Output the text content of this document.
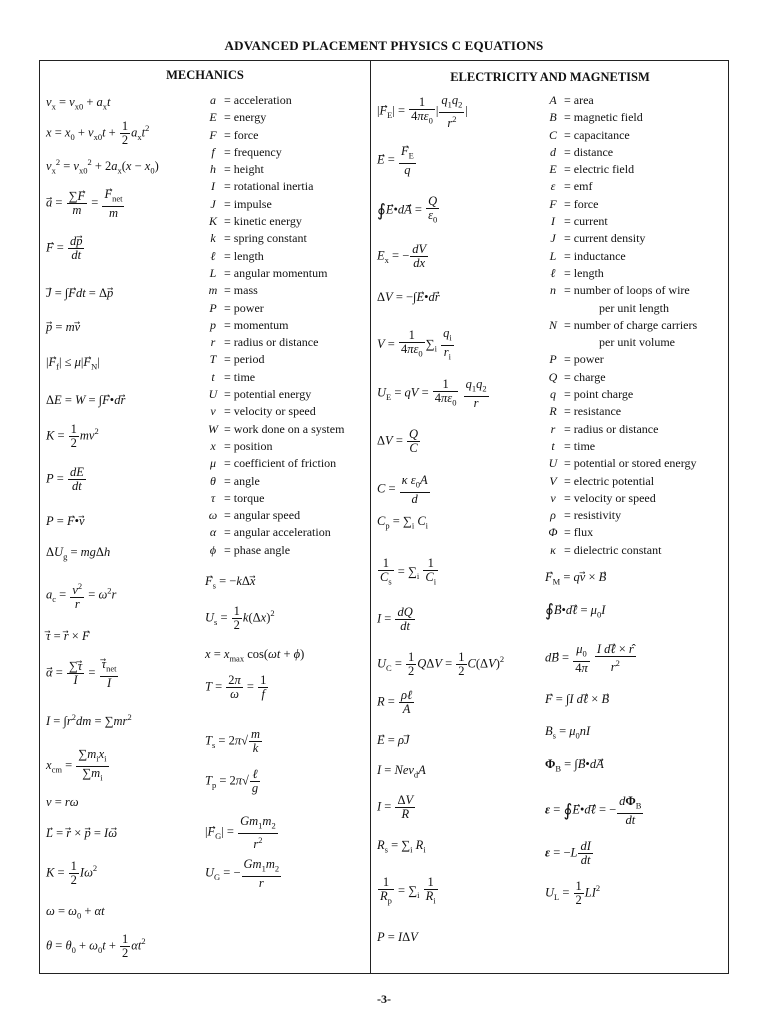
ADVANCED PLACEMENT PHYSICS C EQUATIONS
MECHANICS
$v_x = v_{x0} + a_xt$
$x = x_0 + v_{x0}t + \frac{1}{2} a_xt^2$
$v_x^2 = v_{x0}^2 + 2a_x(x - x_0)$
a⃗ = $\frac{\sum F}{m} = \frac{F_{net}}{m}$
F⃗ = $\frac{dp}{dt}$
J⃗ = ∫Fdt = Δp
p⃗ = mv
$|F_f| \le \mu|F_N|$
ΔE = W = ∫F⃗•dr
$K = \frac{1}{2} mv^2$
$P = \frac{dE}{dt}$
P = F⃗•v
$\Delta U_g = mg\Delta h$
$a_c = \frac{v^2}{r} = \omega^2r$
τ⃗ = r⃗ × F
α⃗ = $\frac{\sum\tau}{I} = \frac{\tau_{net}}{I}$
$I = \int r^2dm = \sum mr^2$
$x_{cm} = \frac{\sum m_ix_i}{\sum m_i}$
v = rω
L⃗ = r⃗ × p⃗ = Iω
$K = \frac{1}{2} I\omega^2$
$\omega = \omega_0 + \alpha t$
$\theta = \theta_0 + \omega_0t + \frac{1}{2} \alpha t^2$
$F_s = -k\Delta x$
$U_s = \frac{1}{2} k(\Delta x)^2$
$x = x_{max}$ cos(ωt + ϕ)
$T = \frac{2\pi}{\omega} = \frac{1}{f}$
$T_s = 2\pi√ \frac{m}{k}$
$T_p = 2\pi√ \frac{\text{ℓ}}{g}$
$|F_G| = \frac{Gm_1m_2}{r^2}$
$U_G$ = − $\frac{Gm_1m_2}{r}$
a = acceleration
E = energy
F = force
f = frequency
h = height
I = rotational inertia
J = impulse
K = kinetic energy
k = spring constant
ℓ = length
L = angular momentum
m = mass
P = power
p = momentum
r = radius or distance
T = period
t = time
U = potential energy
v = velocity or speed
W = work done on a system
x = position
μ = coefficient of friction
θ = angle
τ = torque
ω = angular speed
α = angular acceleration
ϕ = phase angle
ELECTRICITY AND MAGNETISM
$|F_E| = \frac{1}{4\pi\varepsilon_0}$ | $\frac{q_1q_2}{r^2}$ |
E⃗ = $\frac{F_E}{q}$
∮E⃗•dA⃗ = $\frac{Q}{\varepsilon_0}$
$E_x$ = − $\frac{dV}{dx}$
ΔV = −∫E⃗•dr
$V = \frac{1}{4\pi\varepsilon_0} \sum_i \frac{q_i}{r_i}$
$U_E$ = qV = $\frac{1}{4\pi\varepsilon_0}$
$\frac{q_1q_2}{r}$
$\Delta V = \frac{Q}{C}$
$C = \frac{\kappa \varepsilon_0A}{d}$
$C_p = \sum_i$ $C_i$
$\frac{1}{C_s} = \sum_i \frac{1}{C_i}$
$I = \frac{dQ}{dt}$
$U_C = \frac{1}{2}$ $Q\Delta V = \frac{1}{2} C(\Delta V)^2$
$R = \frac{\text{ρℓ}}{A}$
E⃗ = ρJ
I = Nev$_d$A
$I = \frac{\Delta V}{R}$
$R_s = \sum_i$ $R_i$
$\frac{1}{R_p} = \sum_i \frac{1}{R_i}$
P = IΔV
$F_M$ = qv⃗ × B
∮B⃗•dℓ⃗ = $\mu_0I$
dB⃗ = $\frac{\mu_0}{4\pi}$
$\frac{\text{I dℓ⃗ × r}}{r^2}$
F⃗ = ∫I dℓ⃗ × B
$B_s = \mu_0nI$
$\Phi_B$ = ∫B⃗•dA
ε = ∮E⃗•dℓ⃗ = − $\frac{d\Phi_B}{dt}$
$\varepsilon = -L \frac{dI}{dt}$
$U_L = \frac{1}{2} LI^2$
A = area
B = magnetic field
C = capacitance
d = distance
E = electric field
ε = emf
F = force
I = current
J = current density
L = inductance
ℓ = length
n = number of loops of wire
per unit length
N = number of charge carriers
per unit volume
P = power
Q = charge
q = point charge
R = resistance
r = radius or distance
t = time
U = potential or stored energy
V = electric potential
v = velocity or speed
ρ = resistivity
Φ = flux
κ = dielectric constant
-3-
